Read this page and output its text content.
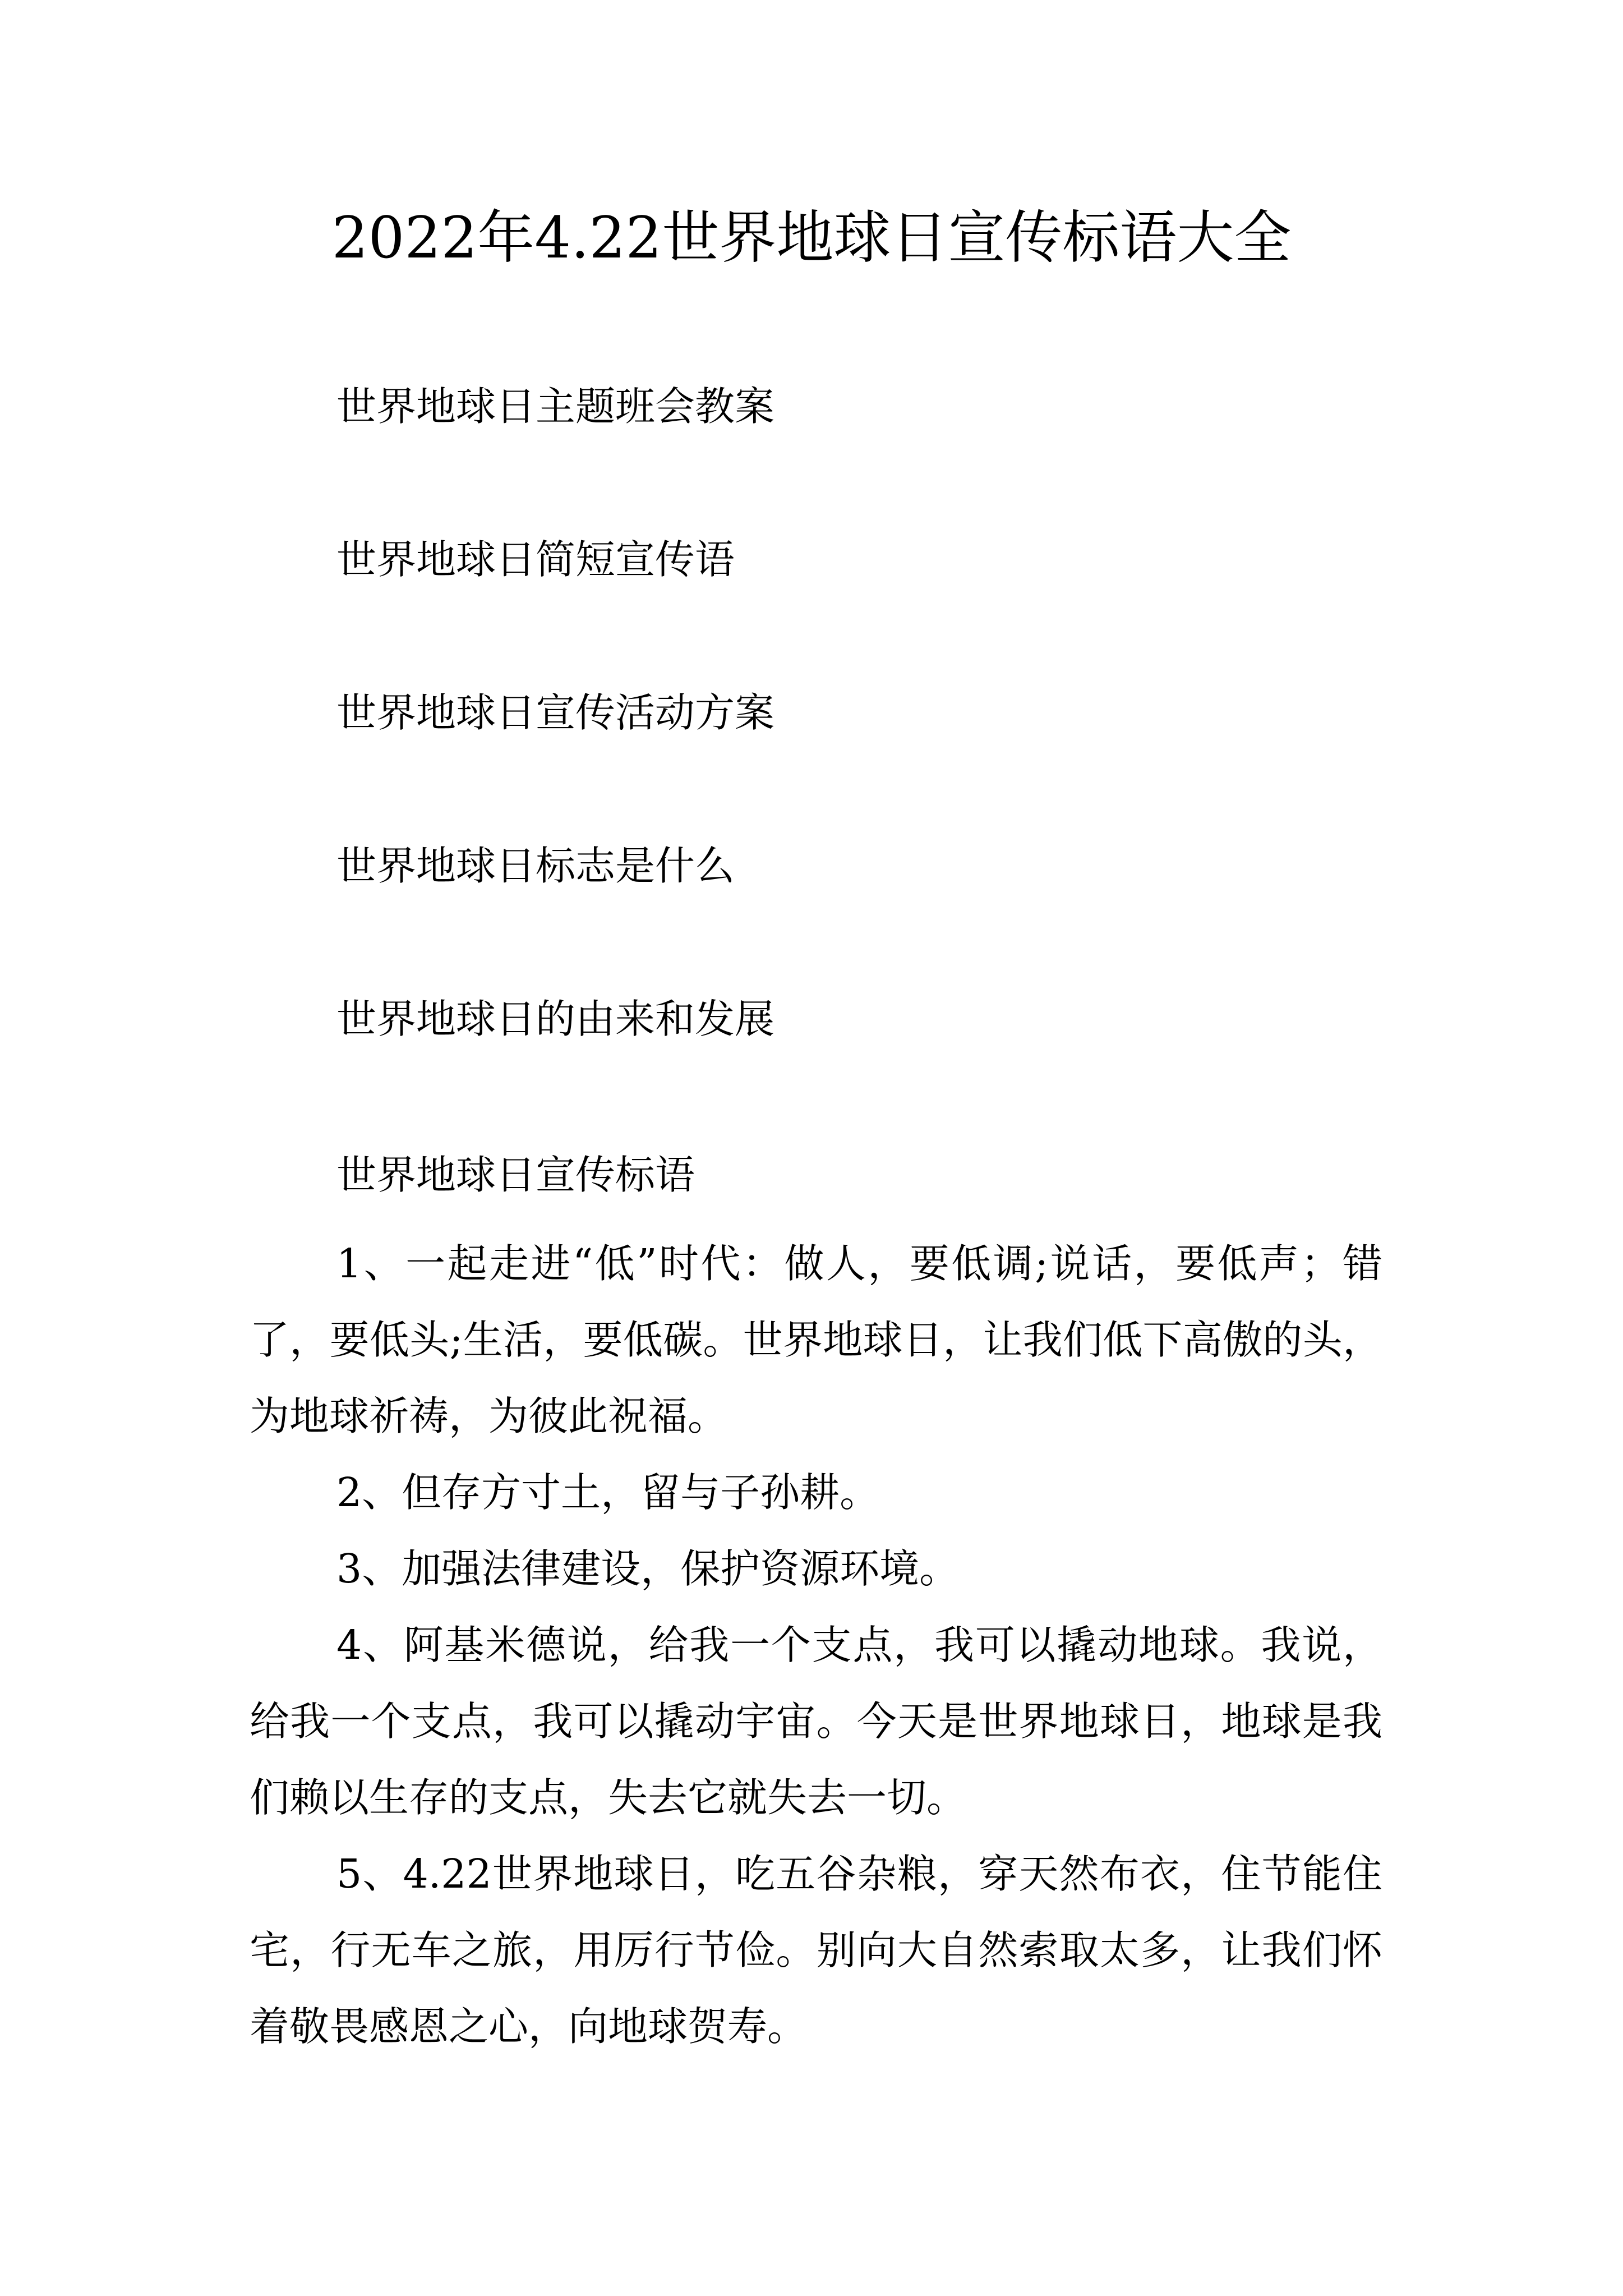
2022年4.22世界地球日宣传标语大全
世界地球日主题班会教案
世界地球日简短宣传语
世界地球日宣传活动方案
世界地球日标志是什么
世界地球日的由来和发展
世界地球日宣传标语

1、一起走进“低”时代：做人，要低调;说话，要低声；错了，要低头;生活，要低碳。世界地球日，让我们低下高傲的头，为地球祈祷，为彼此祝福。

2、但存方寸土，留与子孙耕。

3、加强法律建设，保护资源环境。

4、阿基米德说，给我一个支点，我可以撬动地球。我说，给我一个支点，我可以撬动宇宙。今天是世界地球日，地球是我们赖以生存的支点，失去它就失去一切。

5、4.22世界地球日，吃五谷杂粮，穿天然布衣，住节能住宅，行无车之旅，用厉行节俭。别向大自然索取太多，让我们怀着敬畏感恩之心，向地球贺寿。
